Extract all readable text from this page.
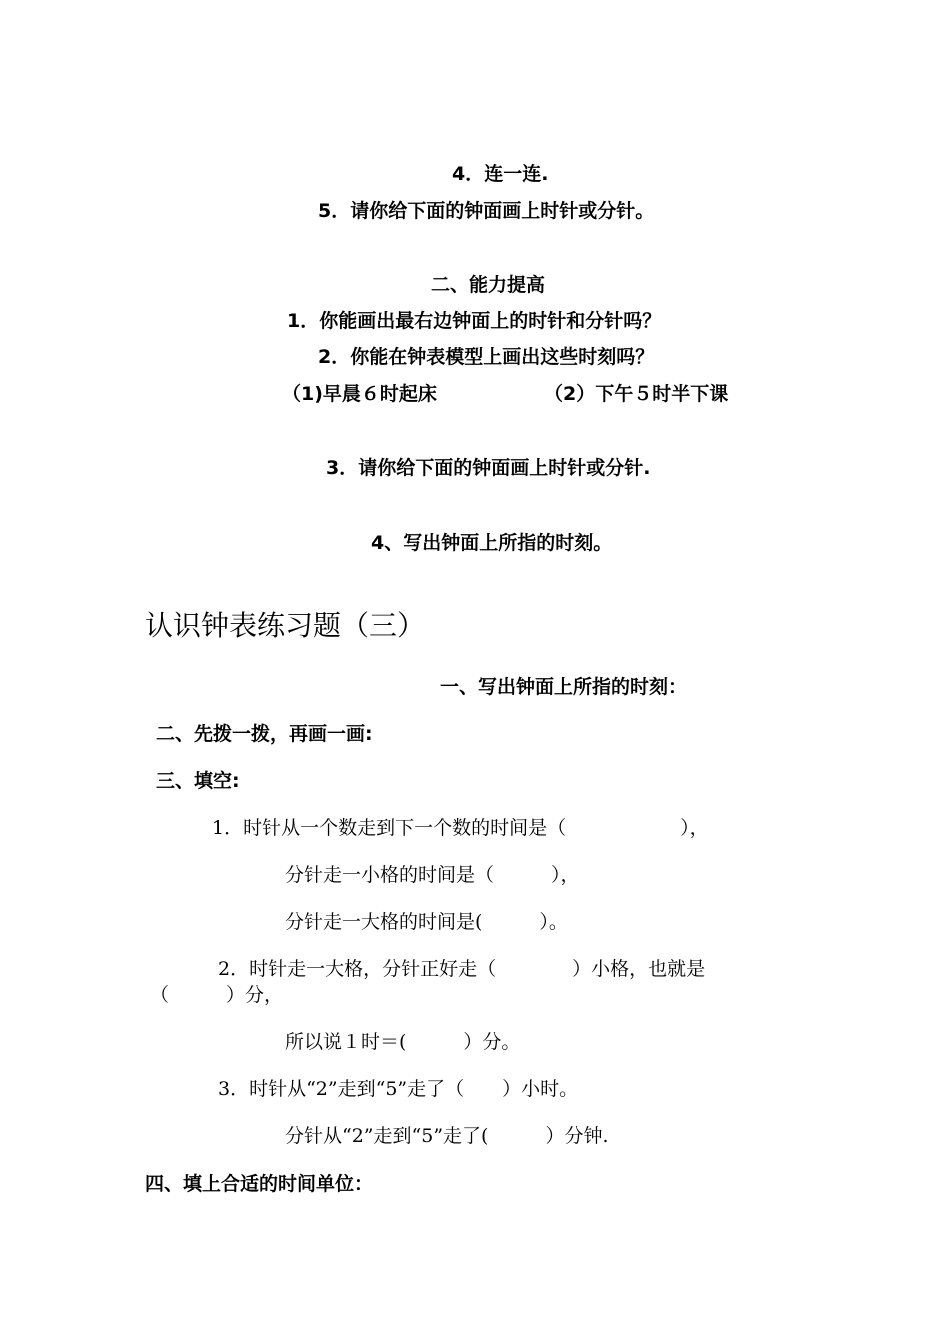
4．连一连.
5．请你给下面的钟面画上时针或分针。
二、能力提高
1．你能画出最右边钟面上的时针和分针吗？
2．你能在钟表模型上画出这些时刻吗？
（1)早晨６时起床	（2）下午５时半下课
3．请你给下面的钟面画上时针或分针.
4、写出钟面上所指的时刻。
认识钟表练习题（三）
一、写出钟面上所指的时刻：
二、先拨一拨，再画一画:
三、填空:
1．时针从一个数走到下一个数的时间是（　　　　　　），
分针走一小格的时间是（　　　），
分针走一大格的时间是(　　　）。
2．时针走一大格，分针正好走（　　　　）小格，也就是
（　　　）分，
所以说１时＝(　　　）分。
3．时针从“2”走到“5”走了（　　）小时。
分针从“2”走到“5”走了(　　　）分钟.
四、填上合适的时间单位：
